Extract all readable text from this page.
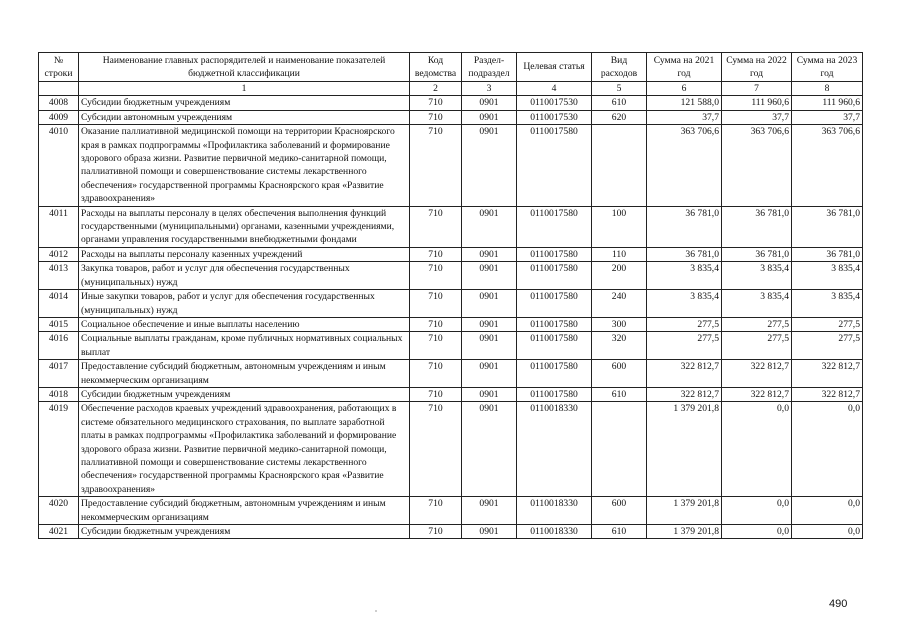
№ строки	Наименование главных распорядителей и наименование показателей бюджетной классификации	Код ведомства	Раздел-подраздел	Целевая статья	Вид расходов	Сумма на 2021 год	Сумма на 2022 год	Сумма на 2023 год
	1	2	3	4	5	6	7	8
4008	Субсидии бюджетным учреждениям	710	0901	0110017530	610	121 588,0	111 960,6	111 960,6
4009	Субсидии автономным учреждениям	710	0901	0110017530	620	37,7	37,7	37,7
4010	Оказание паллиативной медицинской помощи на территории Красноярского края в рамках подпрограммы «Профилактика заболеваний и формирование здорового образа жизни. Развитие первичной медико-санитарной помощи, паллиативной помощи и совершенствование системы лекарственного обеспечения» государственной программы Красноярского края «Развитие здравоохранения»	710	0901	0110017580		363 706,6	363 706,6	363 706,6
4011	Расходы на выплаты персоналу в целях обеспечения выполнения функций государственными (муниципальными) органами, казенными учреждениями, органами управления государственными внебюджетными фондами	710	0901	0110017580	100	36 781,0	36 781,0	36 781,0
4012	Расходы на выплаты персоналу казенных учреждений	710	0901	0110017580	110	36 781,0	36 781,0	36 781,0
4013	Закупка товаров, работ и услуг для обеспечения государственных (муниципальных) нужд	710	0901	0110017580	200	3 835,4	3 835,4	3 835,4
4014	Иные закупки товаров, работ и услуг для обеспечения государственных (муниципальных) нужд	710	0901	0110017580	240	3 835,4	3 835,4	3 835,4
4015	Социальное обеспечение и иные выплаты населению	710	0901	0110017580	300	277,5	277,5	277,5
4016	Социальные выплаты гражданам, кроме публичных нормативных социальных выплат	710	0901	0110017580	320	277,5	277,5	277,5
4017	Предоставление субсидий бюджетным, автономным учреждениям и иным некоммерческим организациям	710	0901	0110017580	600	322 812,7	322 812,7	322 812,7
4018	Субсидии бюджетным учреждениям	710	0901	0110017580	610	322 812,7	322 812,7	322 812,7
4019	Обеспечение расходов краевых учреждений здравоохранения, работающих в системе обязательного медицинского страхования, по выплате заработной платы в рамках подпрограммы «Профилактика заболеваний и формирование здорового образа жизни. Развитие первичной медико-санитарной помощи, паллиативной помощи и совершенствование системы лекарственного обеспечения» государственной программы Красноярского края «Развитие здравоохранения»	710	0901	0110018330		1 379 201,8	0,0	0,0
4020	Предоставление субсидий бюджетным, автономным учреждениям и иным некоммерческим организациям	710	0901	0110018330	600	1 379 201,8	0,0	0,0
4021	Субсидии бюджетным учреждениям	710	0901	0110018330	610	1 379 201,8	0,0	0,0
490
